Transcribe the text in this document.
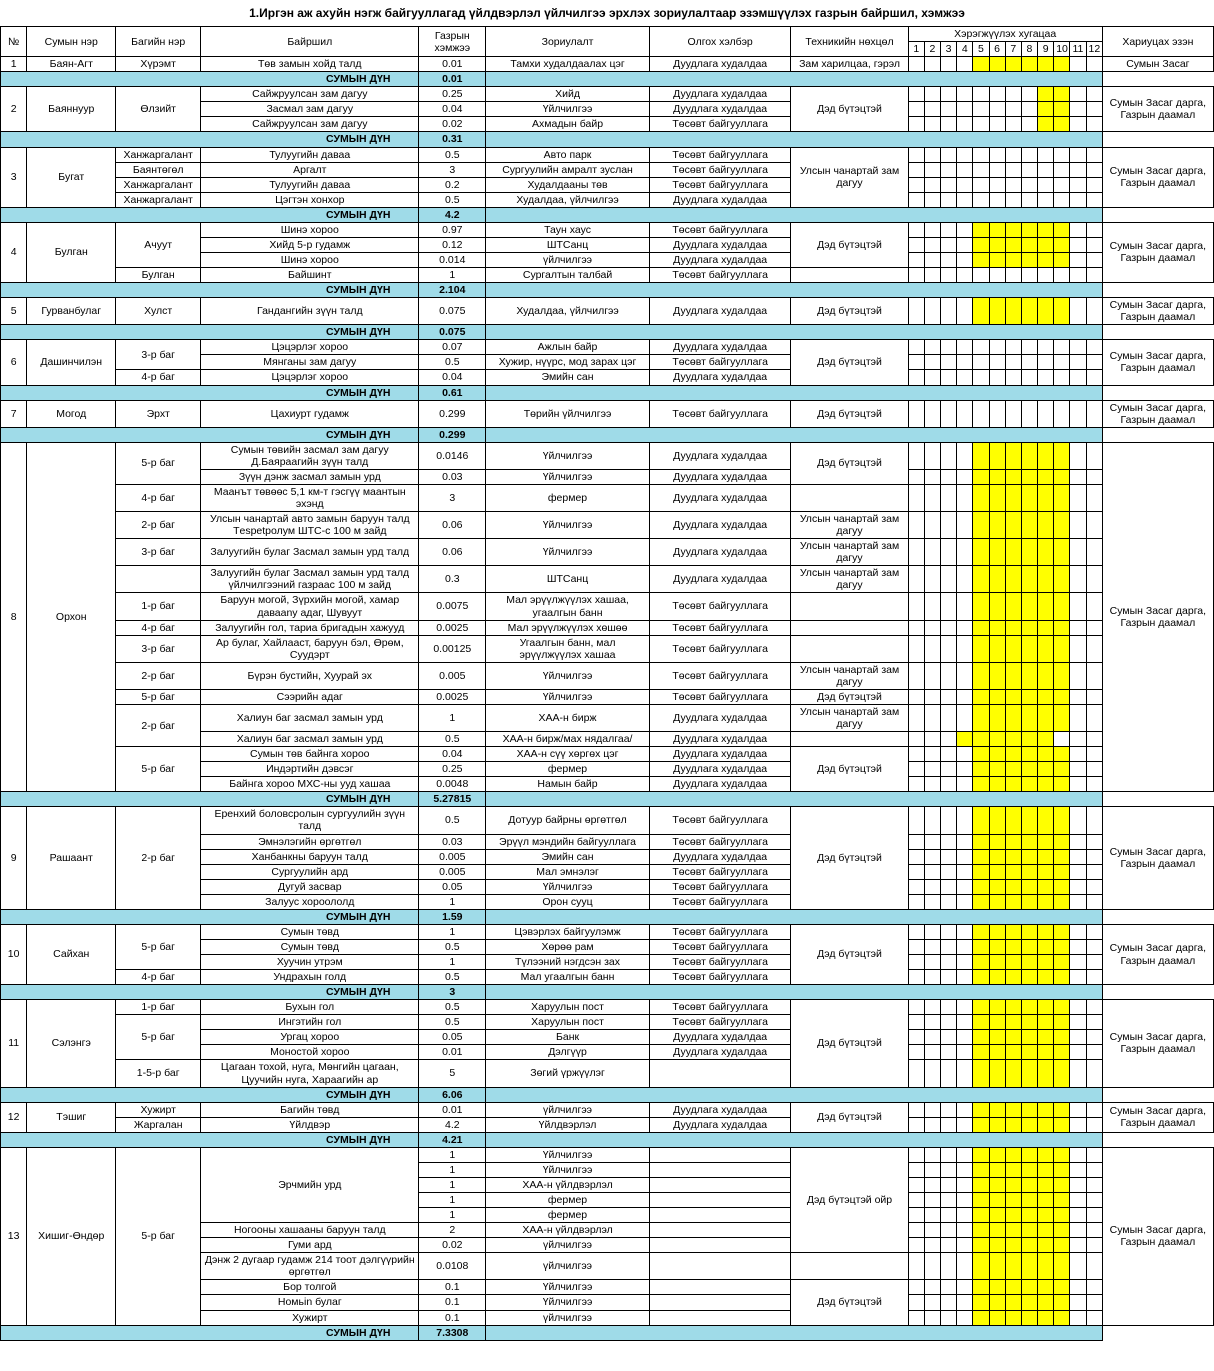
1.Иргэн аж ахуйн нэгж байгууллагад үйлдвэрлэл үйлчилгээ эрхлэх зориулалтаар эзэмшүүлэх газрын байршил, хэмжээ
№	Сумын нэр	Багийн нэр	Байршил	Газрын хэмжээ	Зориулалт	Олгох хэлбэр	Техникийн нөхцөл	Хэрэгжүүлэх хугацаа												Хариуцах эзэн
								1	2	3	4	5	6	7	8	9	10	11	12	
1	Баян-Агт	Хүрэмт	Төв замын хойд талд	0.01	Тамхи худалдаалах цэг	Дуудлага худалдаа	Зам харилцаа, гэрэл													Сумын Засаг
СУМЫН ДҮН				0.01																
2	Баяннуур	Өлзийт	Сайжруулсан зам дагуу	0.25	Хийд	Дуудлага худалдаа	Дэд бүтэцтэй													Сумын Засаг дарга, Газрын даамал
			Засмал зам дагуу	0.04	Үйлчилгээ	Дуудлага худалдаа														
			Сайжруулсан зам дагуу	0.02	Ахмадын байр	Төсөвт байгууллага														
СУМЫН ДҮН				0.31																
3	Бугат	Ханжаргалант	Тулуугийн даваа	0.5	Авто парк	Төсөвт байгууллага	Улсын чанартай зам дагуу													Сумын Засаг дарга, Газрын даамал
		Баянтөгөл	Аргалт	3	Сургуулийн амралт зуслан	Төсөвт байгууллага														
		Ханжаргалант	Тулуугийн даваа	0.2	Худалдааны төв	Төсөвт байгууллага														
		Ханжаргалант	Цэгтэн хонхор	0.5	Худалдаа, үйлчилгээ	Дуудлага худалдаа														
СУМЫН ДҮН				4.2																
4	Булган	Ачуут	Шинэ хороо	0.97	Таун хаус	Төсөвт байгууллага	Дэд бүтэцтэй													Сумын Засаг дарга, Газрын даамал
			Хийд 5-р гудамж	0.12	ШТСанц	Дуудлага худалдаа														
			Шинэ хороо	0.014	үйлчилгээ	Дуудлага худалдаа														
		Булган	Байшинт	1	Сургалтын талбай	Төсөвт байгууллага														
СУМЫН ДҮН				2.104																
5	Гурванбулаг	Хулст	Гандангийн зүүн талд	0.075	Худалдаа, үйлчилгээ	Дуудлага худалдаа	Дэд бүтэцтэй													Сумын Засаг дарга, Газрын даамал
СУМЫН ДҮН				0.075																
6	Дашинчилэн	3-р баг	Цэцэрлэг хороо	0.07	Ажлын байр	Дуудлага худалдаа	Дэд бүтэцтэй													Сумын Засаг дарга, Газрын даамал
			Мянганы зам дагуу	0.5	Хужир, нүүрс, мод зарах цэг	Төсөвт байгууллага														
		4-р баг	Цэцэрлэг хороо	0.04	Эмийн сан	Дуудлага худалдаа														
СУМЫН ДҮН				0.61																
7	Могод	Эрхт	Цахиурт гудамж	0.299	Төрийн үйлчилгээ	Төсөвт байгууллага	Дэд бүтэцтэй													Сумын Засаг дарга, Газрын даамал
СУМЫН ДҮН				0.299																
8	Орхон	5-р баг	Сумын төвийн засмал зам дагуу Д.Баяраагийн зүүн талд	0.0146	Үйлчилгээ	Дуудлага худалдаа	Дэд бүтэцтэй													Сумын Засаг дарга, Газрын даамал
			Зүүн дэнж засмал замын урд	0.03	Үйлчилгээ	Дуудлага худалдаа														
		4-р баг	Маанът төвөөс 5,1 км-т гэсгүү маантын эхэнд	3	фермер	Дуудлага худалдаа														
		2-р баг	Улсын чанартай авто замын баруун талд Тespetролум ШТС-с 100 м зайд	0.06	Үйлчилгээ	Дуудлага худалдаа	Улсын чанартай зам дагуу													
		3-р баг	Залуугийн булаг Засмал замын урд талд	0.06	Үйлчилгээ	Дуудлага худалдаа	Улсын чанартай зам дагуу													
			Залуугийн булаг Засмал замын урд талд үйлчилгээний газраас 100 м зайд	0.3	ШТСанц	Дуудлага худалдаа	Улсын чанартай зам дагуу													
		1-р баг	Баруун могой, Зүрхийн могой, хамар даваany адаг, Шувуут	0.0075	Мал эрүүлжүүлэх хашаа, угаалгын банн	Төсөвт байгууллага														
		4-р баг	Залуугийн гол, тариа бригадын хажууд	0.0025	Мал эрүүлжүүлэх хөшөө	Төсөвт байгууллага														
		3-р баг	Ар булаг, Хайлааст, баруун бэл, Өрөм, Суудэрт	0.00125	Угаалгын банн, мал эрүүлжүүлэх хашаа	Төсөвт байгууллага														
		2-р баг	Бүрэн бустийн, Хуурай эх	0.005	Үйлчилгээ	Төсөвт байгууллага	Улсын чанартай зам дагуу													
		5-р баг	Сээрийн адаг	0.0025	Үйлчилгээ	Төсөвт байгууллага	Дэд бүтэцтэй													
		2-р баг	Халиун баг засмал замын урд	1	ХАА-н бирж	Дуудлага худалдаа	Улсын чанартай зам дагуу													
			Халиун баг засмал замын урд	0.5	ХАА-н бирж/мах нядалгаа/	Дуудлага худалдаа														
		5-р баг	Сумын төв байнга хороо	0.04	ХАА-н сүү хөргөх цэг	Дуудлага худалдаа	Дэд бүтэцтэй													
			Индэртийн дэвсэг	0.25	фермер	Дуудлага худалдаа														
			Байнга хороо МХС-ны ууд хашаа	0.0048	Намын байр	Дуудлага худалдаа														
СУМЫН ДҮН				5.27815																
9	Рашаант	2-р баг	Еренхий боловсролын сургуулийн зүүн талд	0.5	Дотуур байрны өргөтгөл	Төсөвт байгууллага	Дэд бүтэцтэй													Сумын Засаг дарга, Газрын даамал
			Эмнэлэгийн өргөтгөл	0.03	Эрүүл мэндийн байгууллага	Төсөвт байгууллага														
			Ханбанкны баруун талд	0.005	Эмийн сан	Дуудлага худалдаа														
			Сургуулийн ард	0.005	Мал эмнэлэг	Төсөвт байгууллага														
			Дугуй засвар	0.05	Үйлчилгээ	Төсөвт байгууллага														
			Залуус хороололд	1	Орон сууц	Төсөвт байгууллага														
СУМЫН ДҮН				1.59																
10	Сайхан	5-р баг	Сумын төвд	1	Цэвэрлэх байгуулэмж	Төсөвт байгууллага	Дэд бүтэцтэй													Сумын Засаг дарга, Газрын даамал
			Сумын төвд	0.5	Хөрөө рам	Төсөвт байгууллага														
			Хуучин утрэм	1	Түлээний нэгдсэн зах	Төсөвт байгууллага														
		4-р баг	Ундрахын голд	0.5	Мал угаалгын банн	Төсөвт байгууллага														
СУМЫН ДҮН				3																
11	Сэлэнгэ	1-р баг	Бухын гол	0.5	Харуулын пост	Төсөвт байгууллага	Дэд бүтэцтэй													Сумын Засаг дарга, Газрын даамал
		5-р баг	Ингэтийн гол	0.5	Харуулын пост	Төсөвт байгууллага														
			Ургац хороо	0.05	Банк	Дуудлага худалдаа														
			Моностой хороо	0.01	Дэлгүүр	Дуудлага худалдаа														
		1-5-р баг	Цагаан тохой, нуга, Мөнгийн цагаан, Цуучийн нуга, Харaaгийн ар	5	Зөгий үржүүлэг															
СУМЫН ДҮН				6.06																
12	Тэшиг	Хужирт	Багийн төвд	0.01	үйлчилгээ	Дуудлага худалдаа	Дэд бүтэцтэй													Сумын Засаг дарга, Газрын даамал
		Жаргалан	Үйлдвэр	4.2	Үйлдвэрлэл	Дуудлага худалдаа														
СУМЫН ДҮН				4.21																
13	Хишиг-Өндөр	5-р баг	Эрчмийн урд	1	Үйлчилгээ		Дэд бүтэцтэй ойр													Сумын Засаг дарга, Газрын даамал
				1	Үйлчилгээ															
				1	ХАА-н үйлдвэрлэл															
				1	фермер															
				1	фермер															
			Ногооны хашааны баруун талд	2	ХАА-н үйлдвэрлэл															
			Гуми ард	0.02	үйлчилгээ															
			Дэнж 2 дугаар гудамж 214 тоот дэлгүүрийн өргөтгөл	0.0108	үйлчилгээ															
			Бор толгой	0.1	Үйлчилгээ		Дэд бүтэцтэй													
			Номьin булаг	0.1	Үйлчилгээ															
			Хужирт	0.1	үйлчилгээ															
СУМЫН ДҮН				7.3308																
